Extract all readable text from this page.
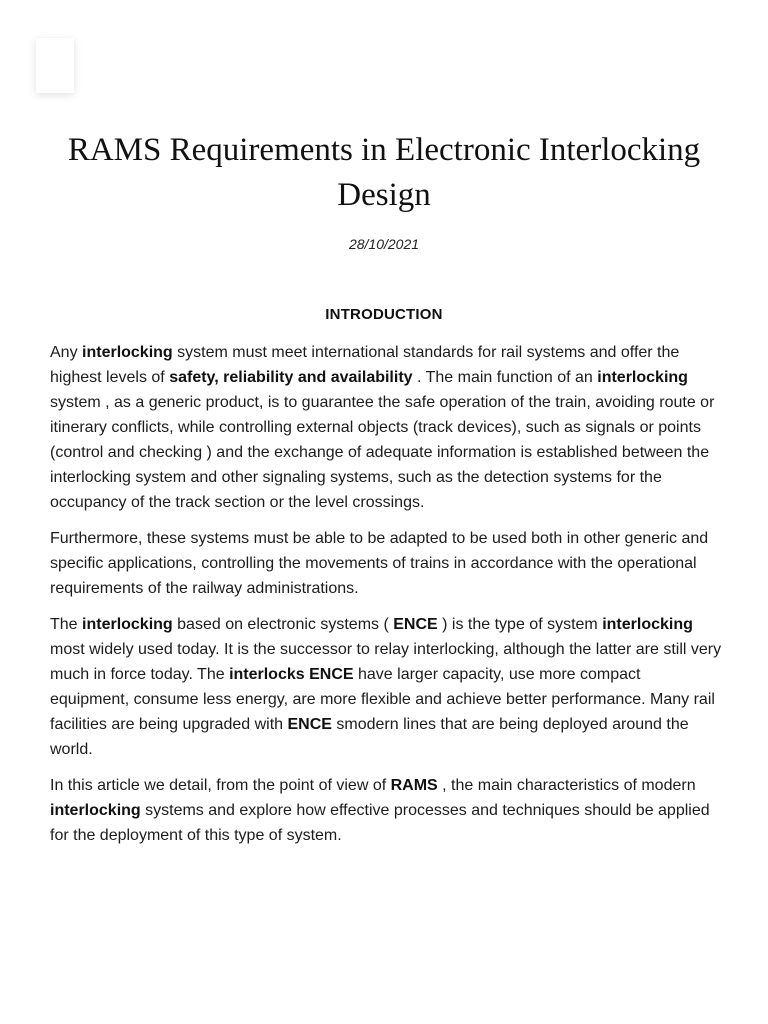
RAMS Requirements in Electronic Interlocking Design
28/10/2021
INTRODUCTION

Any interlocking system must meet international standards for rail systems and offer the highest levels of safety, reliability and availability . The main function of an interlocking system , as a generic product, is to guarantee the safe operation of the train, avoiding route or itinerary conflicts, while controlling external objects (track devices), such as signals or points (control and checking ) and the exchange of adequate information is established between the interlocking system and other signaling systems, such as the detection systems for the occupancy of the track section or the level crossings.

Furthermore, these systems must be able to be adapted to be used both in other generic and specific applications, controlling the movements of trains in accordance with the operational requirements of the railway administrations.

The interlocking based on electronic systems ( ENCE ) is the type of system interlocking most widely used today. It is the successor to relay interlocking, although the latter are still very much in force today. The interlocks ENCE have larger capacity, use more compact equipment, consume less energy, are more flexible and achieve better performance. Many rail facilities are being upgraded with ENCE smodern lines that are being deployed around the world.

In this article we detail, from the point of view of RAMS , the main characteristics of modern interlocking systems and explore how effective processes and techniques should be applied for the deployment of this type of system.
